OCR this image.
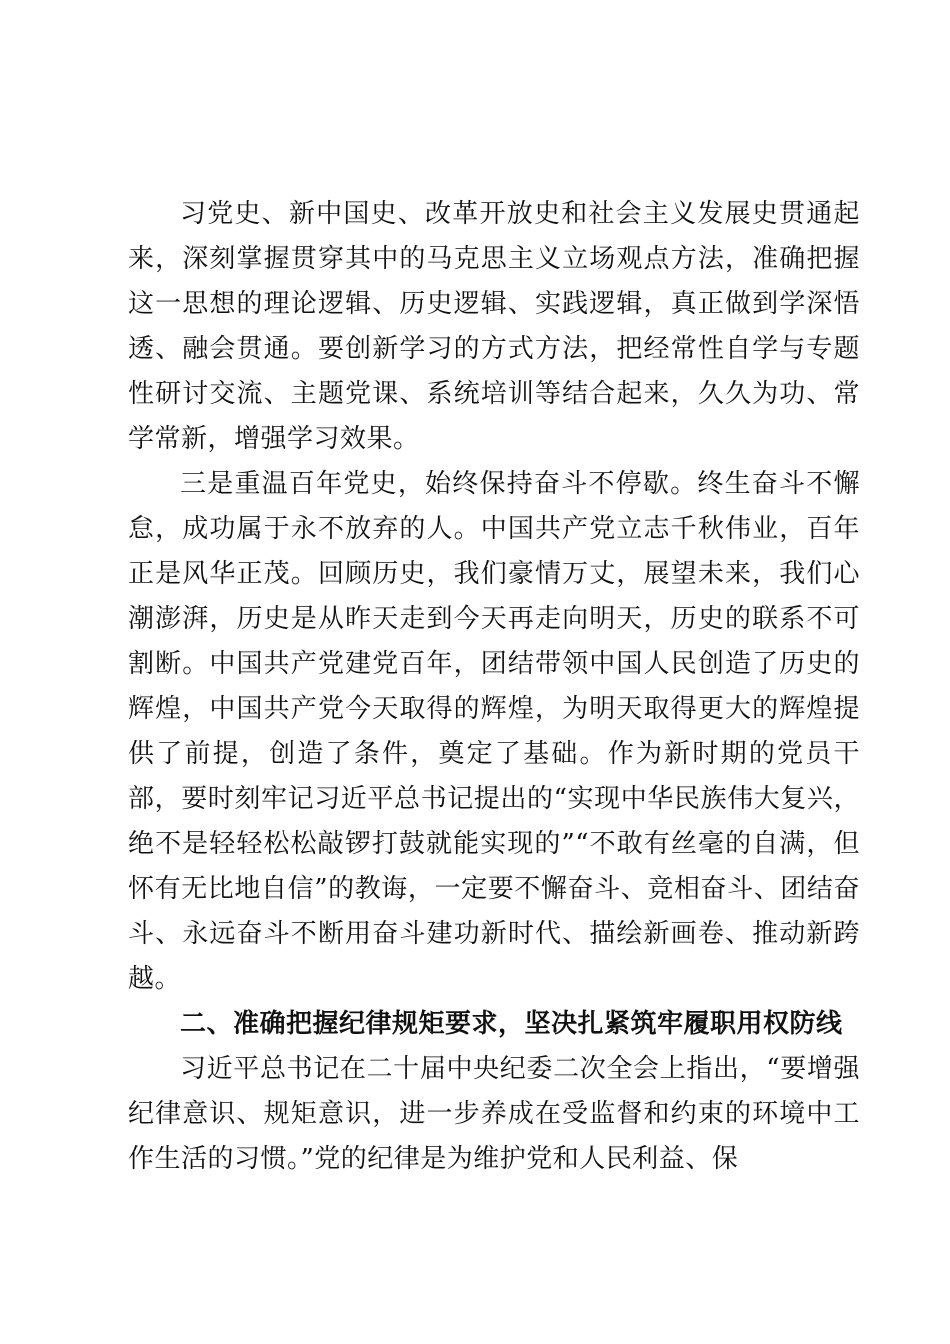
习党史、新中国史、改革开放史和社会主义发展史贯通起来，深刻掌握贯穿其中的马克思主义立场观点方法，准确把握这一思想的理论逻辑、历史逻辑、实践逻辑，真正做到学深悟透、融会贯通。要创新学习的方式方法，把经常性自学与专题性研讨交流、主题党课、系统培训等结合起来，久久为功、常学常新，增强学习效果。

三是重温百年党史，始终保持奋斗不停歇。终生奋斗不懈怠，成功属于永不放弃的人。中国共产党立志千秋伟业，百年正是风华正茂。回顾历史，我们豪情万丈，展望未来，我们心潮澎湃，历史是从昨天走到今天再走向明天，历史的联系不可割断。中国共产党建党百年，团结带领中国人民创造了历史的辉煌，中国共产党今天取得的辉煌，为明天取得更大的辉煌提供了前提，创造了条件，奠定了基础。作为新时期的党员干部，要时刻牢记习近平总书记提出的“实现中华民族伟大复兴，绝不是轻轻松松敲锣打鼓就能实现的”“不敢有丝毫的自满，但怀有无比地自信”的教诲，一定要不懈奋斗、竞相奋斗、团结奋斗、永远奋斗不断用奋斗建功新时代、描绘新画卷、推动新跨越。

二、准确把握纪律规矩要求，坚决扎紧筑牢履职用权防线

习近平总书记在二十届中央纪委二次全会上指出，“要增强纪律意识、规矩意识，进一步养成在受监督和约束的环境中工作生活的习惯。”党的纪律是为维护党和人民利益、保
